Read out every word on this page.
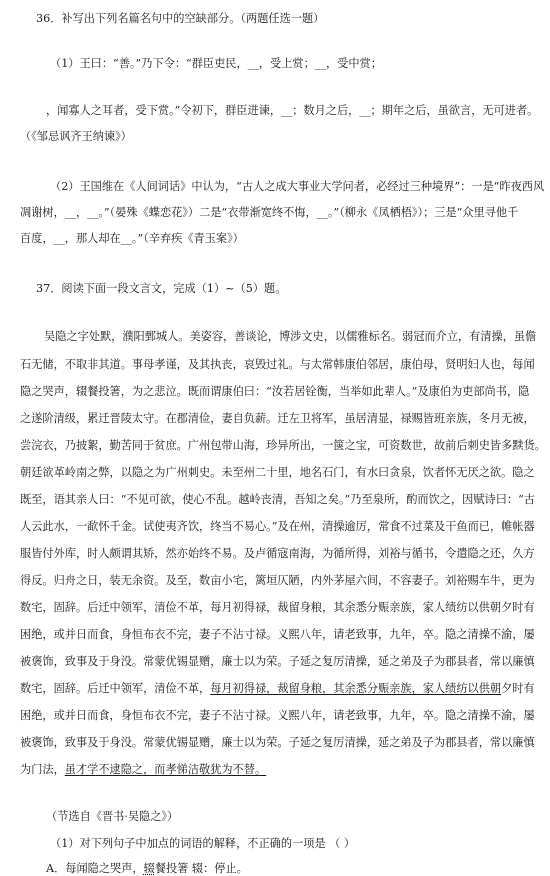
36．补写出下列名篇名句中的空缺部分。（两题任选一题）
（1）王曰：“善。”乃下令：“群臣吏民，__，受上赏；__，受中赏；
，闻寡人之耳者，受下赏。”令初下，群臣进谏，__；数月之后，__；期年之后，虽欲言，无可进者。
（《邹忌讽齐王纳谏》）
（2）王国维在《人间词话》中认为，“古人之成大事业大学问者，必经过三种境界”：一是“昨夜西风
凋谢树，__，__。”（晏殊《蝶恋花》）二是“衣带渐宽终不悔，__。”（柳永《凤栖梧》）；三是“众里寻他千
百度，__，那人却在__。”（辛弃疾《青玉案》）
37．阅读下面一段文言文，完成（1）~（5）题。
吴隐之字处默，濮阳鄄城人。美姿容，善谈论，博涉文史，以儒雅标名。弱冠而介立，有清操，虽儋
石无储，不取非其道。事母孝谨，及其执丧，哀毁过礼。与太常韩康伯邻居，康伯母，贤明妇人也，每闻
隐之哭声，辍餐投箸，为之悲泣。既而谓康伯曰：“汝若居铨衡，当举如此辈人。”及康伯为吏部尚书，隐
之遂阶清级，累迁晋陵太守。在郡清俭，妻自负薪。迁左卫将军，虽居清显，禄赐皆班亲族，冬月无被，
尝浣衣，乃披絮，勤苦同于贫庶。广州包带山海，珍异所出，一箧之宝，可资数世，故前后刺史皆多黩货。
朝廷欲革岭南之弊，以隐之为广州刺史。未至州二十里，地名石门，有水曰贪泉，饮者怀无厌之欲。隐之
既至，语其亲人曰：“不见可欲，使心不乱。越岭丧清，吾知之矣。”乃至泉所，酌而饮之，因赋诗曰：“古
人云此水，一歃怀千金。试使夷齐饮，终当不易心。”及在州，清操逾厉，常食不过菜及干鱼而已，帷帐器
服皆付外库，时人颇谓其矫，然亦始终不易。及卢循寇南海，为循所得，刘裕与循书，令遣隐之还，久方
得反。归舟之日，装无余资。及至，数亩小宅，篱垣仄陋，内外茅屋六间，不容妻子。刘裕赐车牛，更为
数宅，固辞。后迁中领军，清俭不革，每月初得禄，裁留身粮，其余悉分赈亲族，家人绩纺以供朝夕时有
困绝，或并日而食，身恒布衣不完，妻子不沾寸禄。义熙八年，请老致事，九年，卒。隐之清操不渝，屡
被褒饰，致事及于身没。常蒙优锡显赠，廉士以为荣。子延之复厉清操，延之弟及子为郡县者，常以廉慎
数宅，固辞。后迁中领军，清俭不革，每月初得禄，裁留身粮，其余悉分赈亲族，家人绩纺以供朝夕时有
困绝，或并日而食，身恒布衣不完，妻子不沾寸禄。义熙八年，请老致事，九年，卒。隐之清操不渝，屡
被褒饰，致事及于身没。常蒙优锡显赠，廉士以为荣。子延之复厉清操，延之弟及子为郡县者，常以廉慎
为门法，虽才学不逮隐之，而孝悌洁敬犹为不替。
（节选自《晋书·吴隐之》）
（1）对下列句子中加点的词语的解释，不正确的一项是 （ ）
A．每闻隐之哭声，辍餐投箸 辍：停止。
